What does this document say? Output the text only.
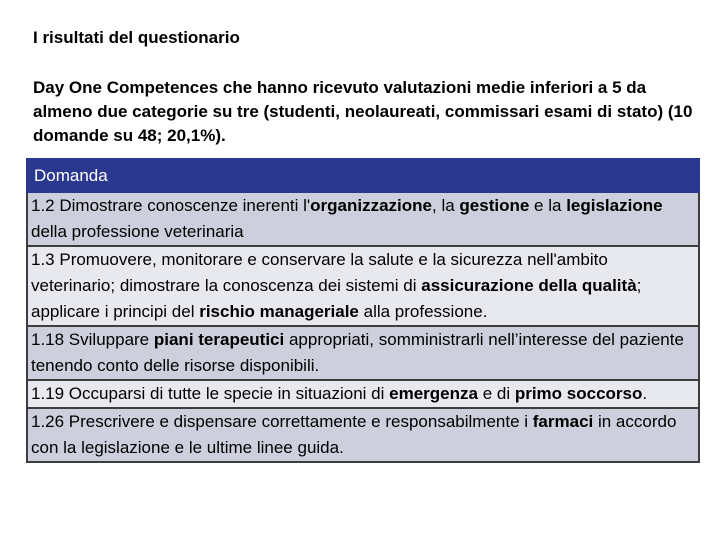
I risultati del questionario

Day One Competences che hanno ricevuto valutazioni medie inferiori a 5 da almeno due categorie su tre (studenti, neolaureati, commissari esami di stato) (10 domande su 48; 20,1%).

Domanda

1.2 Dimostrare conoscenze inerenti l'organizzazione, la gestione e la legislazione della professione veterinaria

1.3 Promuovere, monitorare e conservare la salute e la sicurezza nell'ambito veterinario; dimostrare la conoscenza dei sistemi di assicurazione della qualità; applicare i principi del rischio manageriale alla professione.

1.18 Sviluppare piani terapeutici appropriati, somministrarli nell’interesse del paziente tenendo conto delle risorse disponibili.

1.19 Occuparsi di tutte le specie in situazioni di emergenza e di primo soccorso.

1.26 Prescrivere e dispensare correttamente e responsabilmente i farmaci in accordo con la legislazione e le ultime linee guida.
